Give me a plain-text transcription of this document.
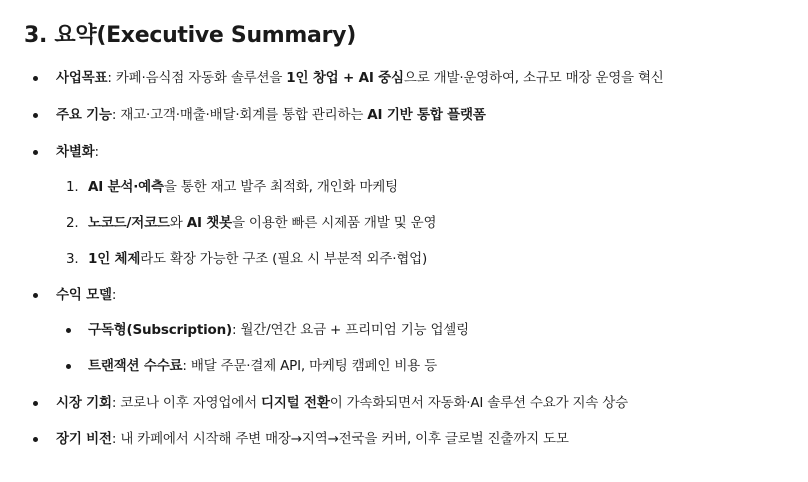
3. 요약(Executive Summary)
사업목표: 카페·음식점 자동화 솔루션을 1인 창업 + AI 중심으로 개발·운영하여, 소규모 매장 운영을 혁신
주요 기능: 재고·고객·매출·배달·회계를 통합 관리하는 AI 기반 통합 플랫폼
차별화:
1. AI 분석·예측을 통한 재고 발주 최적화, 개인화 마케팅
2. 노코드/저코드와 AI 챗봇을 이용한 빠른 시제품 개발 및 운영
3. 1인 체제라도 확장 가능한 구조 (필요 시 부분적 외주·협업)
수익 모델:
구독형(Subscription): 월간/연간 요금 + 프리미엄 기능 업셀링
트랜잭션 수수료: 배달 주문·결제 API, 마케팅 캠페인 비용 등
시장 기회: 코로나 이후 자영업에서 디지털 전환이 가속화되면서 자동화·AI 솔루션 수요가 지속 상승
장기 비전: 내 카페에서 시작해 주변 매장→지역→전국을 커버, 이후 글로벌 진출까지 도모
